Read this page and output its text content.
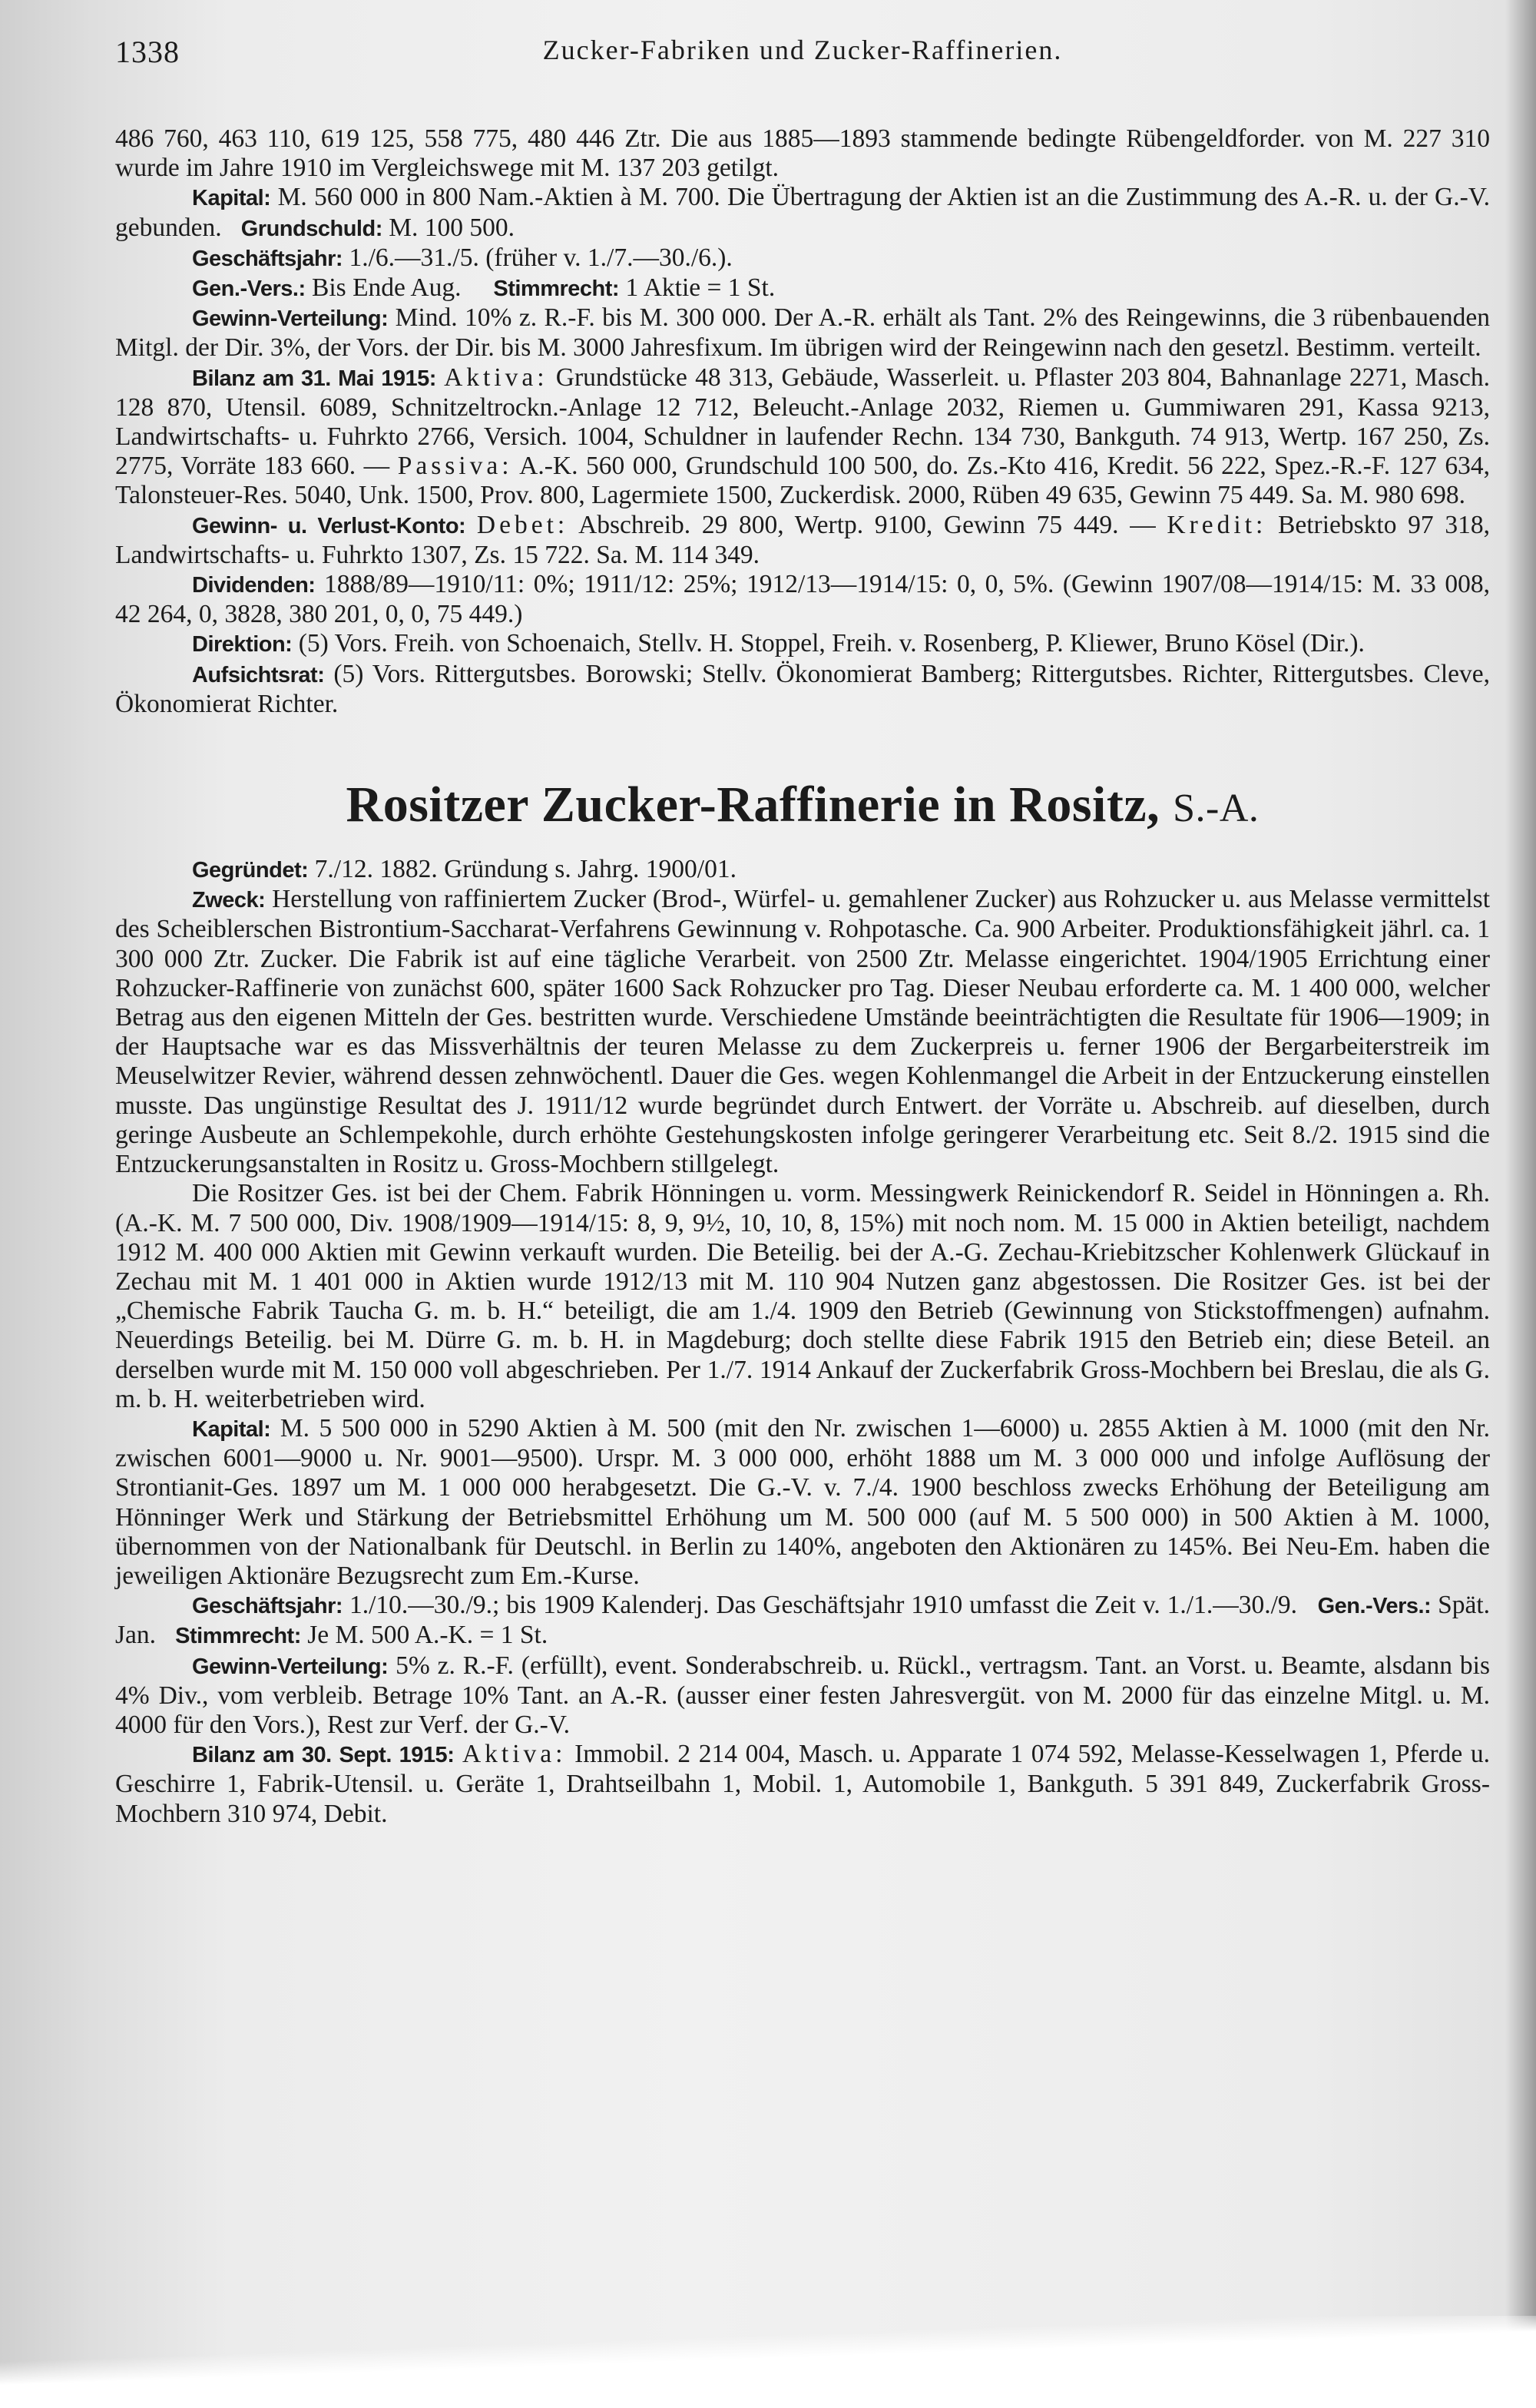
1338	Zucker-Fabriken und Zucker-Raffinerien.

486 760, 463 110, 619 125, 558 775, 480 446 Ztr. Die aus 1885—1893 stammende bedingte Rübengeldforder. von M. 227 310 wurde im Jahre 1910 im Vergleichswege mit M. 137 203 getilgt.

Kapital: M. 560 000 in 800 Nam.-Aktien à M. 700. Die Übertragung der Aktien ist an die Zustimmung des A.-R. u. der G.-V. gebunden. Grundschuld: M. 100 500.

Geschäftsjahr: 1./6.—31./5. (früher v. 1./7.—30./6.).

Gen.-Vers.: Bis Ende Aug. Stimmrecht: 1 Aktie = 1 St.

Gewinn-Verteilung: Mind. 10% z. R.-F. bis M. 300 000. Der A.-R. erhält als Tant. 2% des Reingewinns, die 3 rübenbauenden Mitgl. der Dir. 3%, der Vors. der Dir. bis M. 3000 Jahresfixum. Im übrigen wird der Reingewinn nach den gesetzl. Bestimm. verteilt.

Bilanz am 31. Mai 1915: Aktiva: Grundstücke 48 313, Gebäude, Wasserleit. u. Pflaster 203 804, Bahnanlage 2271, Masch. 128 870, Utensil. 6089, Schnitzeltrockn.-Anlage 12 712, Beleucht.-Anlage 2032, Riemen u. Gummiwaren 291, Kassa 9213, Landwirtschafts- u. Fuhrkto 2766, Versich. 1004, Schuldner in laufender Rechn. 134 730, Bankguth. 74 913, Wertp. 167 250, Zs. 2775, Vorräte 183 660. — Passiva: A.-K. 560 000, Grundschuld 100 500, do. Zs.-Kto 416, Kredit. 56 222, Spez.-R.-F. 127 634, Talonsteuer-Res. 5040, Unk. 1500, Prov. 800, Lagermiete 1500, Zuckerdisk. 2000, Rüben 49 635, Gewinn 75 449. Sa. M. 980 698.

Gewinn- u. Verlust-Konto: Debet: Abschreib. 29 800, Wertp. 9100, Gewinn 75 449. — Kredit: Betriebskto 97 318, Landwirtschafts- u. Fuhrkto 1307, Zs. 15 722. Sa. M. 114 349.

Dividenden: 1888/89—1910/11: 0%; 1911/12: 25%; 1912/13—1914/15: 0, 0, 5%. (Gewinn 1907/08—1914/15: M. 33 008, 42 264, 0, 3828, 380 201, 0, 0, 75 449.)

Direktion: (5) Vors. Freih. von Schoenaich, Stellv. H. Stoppel, Freih. v. Rosenberg, P. Kliewer, Bruno Kösel (Dir.).

Aufsichtsrat: (5) Vors. Rittergutsbes. Borowski; Stellv. Ökonomierat Bamberg; Rittergutsbes. Richter, Rittergutsbes. Cleve, Ökonomierat Richter.

Rositzer Zucker-Raffinerie in Rositz, S.-A.

Gegründet: 7./12. 1882. Gründung s. Jahrg. 1900/01.

Zweck: Herstellung von raffiniertem Zucker (Brod-, Würfel- u. gemahlener Zucker) aus Rohzucker u. aus Melasse vermittelst des Scheiblerschen Bistrontium-Saccharat-Verfahrens Gewinnung v. Rohpotasche. Ca. 900 Arbeiter. Produktionsfähigkeit jährl. ca. 1 300 000 Ztr. Zucker. Die Fabrik ist auf eine tägliche Verarbeit. von 2500 Ztr. Melasse eingerichtet. 1904/1905 Errichtung einer Rohzucker-Raffinerie von zunächst 600, später 1600 Sack Rohzucker pro Tag. Dieser Neubau erforderte ca. M. 1 400 000, welcher Betrag aus den eigenen Mitteln der Ges. bestritten wurde. Verschiedene Umstände beeinträchtigten die Resultate für 1906—1909; in der Hauptsache war es das Missverhältnis der teuren Melasse zu dem Zuckerpreis u. ferner 1906 der Bergarbeiterstreik im Meuselwitzer Revier, während dessen zehnwöchentl. Dauer die Ges. wegen Kohlenmangel die Arbeit in der Entzuckerung einstellen musste. Das ungünstige Resultat des J. 1911/12 wurde begründet durch Entwert. der Vorräte u. Abschreib. auf dieselben, durch geringe Ausbeute an Schlempekohle, durch erhöhte Gestehungskosten infolge geringerer Verarbeitung etc. Seit 8./2. 1915 sind die Entzuckerungsanstalten in Rositz u. Gross-Mochbern stillgelegt.

Die Rositzer Ges. ist bei der Chem. Fabrik Hönningen u. vorm. Messingwerk Reinickendorf R. Seidel in Hönningen a. Rh. (A.-K. M. 7 500 000, Div. 1908/1909—1914/15: 8, 9, 9½, 10, 10, 8, 15%) mit noch nom. M. 15 000 in Aktien beteiligt, nachdem 1912 M. 400 000 Aktien mit Gewinn verkauft wurden. Die Beteilig. bei der A.-G. Zechau-Kriebitzscher Kohlenwerk Glückauf in Zechau mit M. 1 401 000 in Aktien wurde 1912/13 mit M. 110 904 Nutzen ganz abgestossen. Die Rositzer Ges. ist bei der „Chemische Fabrik Taucha G. m. b. H.“ beteiligt, die am 1./4. 1909 den Betrieb (Gewinnung von Stickstoffmengen) aufnahm. Neuerdings Beteilig. bei M. Dürre G. m. b. H. in Magdeburg; doch stellte diese Fabrik 1915 den Betrieb ein; diese Beteil. an derselben wurde mit M. 150 000 voll abgeschrieben. Per 1./7. 1914 Ankauf der Zuckerfabrik Gross-Mochbern bei Breslau, die als G. m. b. H. weiterbetrieben wird.

Kapital: M. 5 500 000 in 5290 Aktien à M. 500 (mit den Nr. zwischen 1—6000) u. 2855 Aktien à M. 1000 (mit den Nr. zwischen 6001—9000 u. Nr. 9001—9500). Urspr. M. 3 000 000, erhöht 1888 um M. 3 000 000 und infolge Auflösung der Strontianit-Ges. 1897 um M. 1 000 000 herabgesetzt. Die G.-V. v. 7./4. 1900 beschloss zwecks Erhöhung der Beteiligung am Hönninger Werk und Stärkung der Betriebsmittel Erhöhung um M. 500 000 (auf M. 5 500 000) in 500 Aktien à M. 1000, übernommen von der Nationalbank für Deutschl. in Berlin zu 140%, angeboten den Aktionären zu 145%. Bei Neu-Em. haben die jeweiligen Aktionäre Bezugsrecht zum Em.-Kurse.

Geschäftsjahr: 1./10.—30./9.; bis 1909 Kalenderj. Das Geschäftsjahr 1910 umfasst die Zeit v. 1./1.—30./9. Gen.-Vers.: Spät. Jan. Stimmrecht: Je M. 500 A.-K. = 1 St.

Gewinn-Verteilung: 5% z. R.-F. (erfüllt), event. Sonderabschreib. u. Rückl., vertragsm. Tant. an Vorst. u. Beamte, alsdann bis 4% Div., vom verbleib. Betrage 10% Tant. an A.-R. (ausser einer festen Jahresvergüt. von M. 2000 für das einzelne Mitgl. u. M. 4000 für den Vors.), Rest zur Verf. der G.-V.

Bilanz am 30. Sept. 1915: Aktiva: Immobil. 2 214 004, Masch. u. Apparate 1 074 592, Melasse-Kesselwagen 1, Pferde u. Geschirre 1, Fabrik-Utensil. u. Geräte 1, Drahtseilbahn 1, Mobil. 1, Automobile 1, Bankguth. 5 391 849, Zuckerfabrik Gross-Mochbern 310 974, Debit.
